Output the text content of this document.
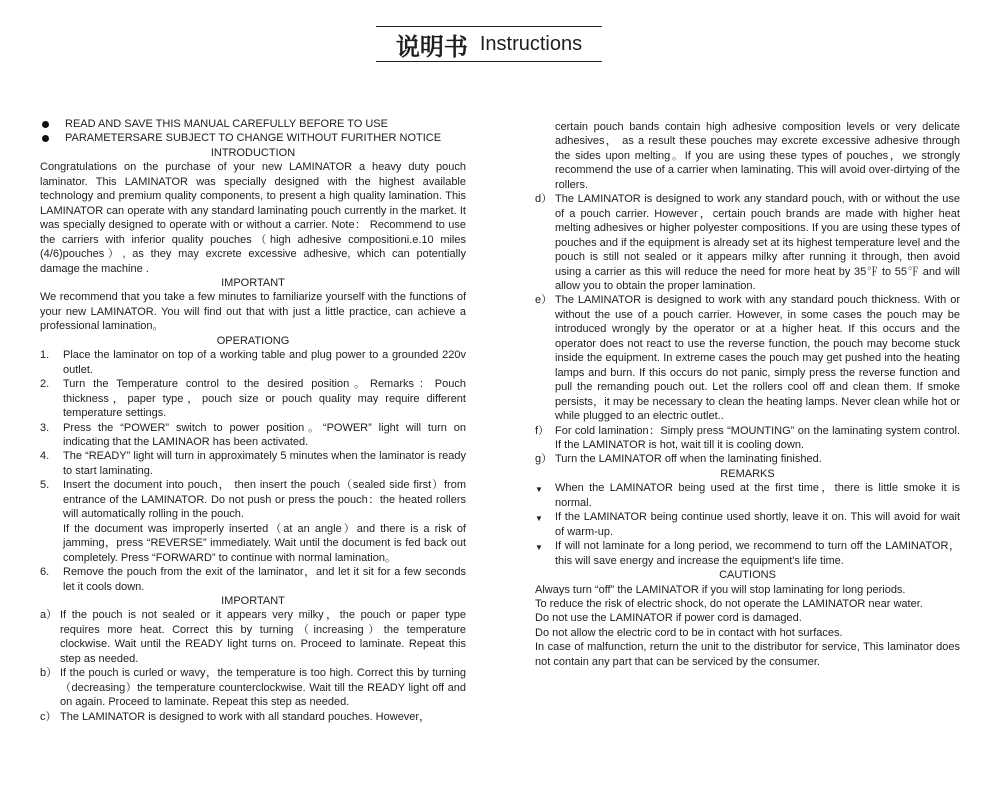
说明书 Instructions
READ AND SAVE THIS MANUAL CAREFULLY BEFORE TO USE
PARAMETERSARE SUBJECT TO CHANGE WITHOUT FURITHER NOTICE

INTRODUCTION

Congratulations on the purchase of your new LAMINATOR a heavy duty pouch laminator. This LAMINATOR was specially designed with the highest available technology and premium quality components, to present a high quality lamination. This LAMINATOR can operate with any standard laminating pouch currently in the market. It was specially designed to operate with or without a carrier. Note： Recommend to use the carriers with inferior quality pouches（high adhesive compositioni.e.10 miles (4/6)pouches）, as they may excrete excessive adhesive, which can potentially damage the machine .

IMPORTANT

We recommend that you take a few minutes to familiarize yourself with the functions of your new LAMINATOR. You will find out that with just a little practice, can achieve a professional lamination。

OPERATIONG

1.	Place the laminator on top of a working table and plug power to a grounded 220v outlet.
2.	Turn the Temperature control to the desired position。Remarks：Pouch thickness，paper type，pouch size or pouch quality may require different temperature settings.
3.	Press the “POWER” switch to power position。“POWER” light will turn on indicating that the LAMINAOR has been activated.
4.	The “READY” light will turn in approximately 5 minutes when the laminator is ready to start laminating.
5.	Insert the document into pouch， then insert the pouch（sealed side first）from entrance of the LAMINATOR. Do not push or press the pouch：the heated rollers will automatically rolling in the pouch.

If the document was improperly inserted（at an angle）and there is a risk of jamming，press “REVERSE” immediately. Wait until the document is fed back out completely. Press “FORWARD” to continue with normal lamination。

6.	Remove the pouch from the exit of the laminator，and let it sit for a few seconds let it cools down.

IMPORTANT

a） If the pouch is not sealed or it appears very milky，the pouch or paper type requires more heat. Correct this by turning（increasing）the temperature clockwise. Wait until the READY light turns on. Proceed to laminate. Repeat this step as needed.
b） If the pouch is curled or wavy，the temperature is too high. Correct this by turning（decreasing）the temperature counterclockwise. Wait till the READY light off and on again. Proceed to laminate. Repeat this step as needed.
c） The LAMINATOR is designed to work with all standard pouches. However，

certain pouch bands contain high adhesive composition levels or very delicate adhesives， as a result these pouches may excrete excessive adhesive through the sides upon melting。If you are using these types of pouches，we strongly recommend the use of a carrier when laminating. This will avoid over-dirtying of the rollers.

d） The LAMINATOR is designed to work any standard pouch, with or without the use of a pouch carrier. However，certain pouch brands are made with higher heat melting adhesives or higher polyester compositions. If you are using these types of pouches and if the equipment is already set at its highest temperature level and the pouch is still not sealed or it appears milky after running it through, then avoid using a carrier as this will reduce the need for more heat by 35℉ to 55℉ and will allow you to obtain the proper lamination.
e） The LAMINATOR is designed to work with any standard pouch thickness. With or without the use of a pouch carrier. However, in some cases the pouch may be introduced wrongly by the operator or at a higher heat. If this occurs and the operator does not react to use the reverse function, the pouch may become stuck inside the equipment. In extreme cases the pouch may get pushed into the heating lamps and burn. If this occurs do not panic, simply press the reverse function and pull the remanding pouch out. Let the rollers cool off and clean them. If smoke persists，it may be necessary to clean the heating lamps. Never clean while hot or while plugged to an electric outlet..
f） For cold lamination：Simply press “MOUNTING” on the laminating system control. If the LAMINATOR is hot, wait till it is cooling down.
g） Turn the LAMINATOR off when the laminating finished.

REMARKS

▼	When the LAMINATOR being used at the first time，there is little smoke it is normal.
▼	If the LAMINATOR being continue used shortly, leave it on. This will avoid for wait of warm-up.
▼	If will not laminate for a long period, we recommend to turn off the LAMINATOR，this will save energy and increase the equipment's life time.

CAUTIONS

Always turn “off” the LAMINATOR if you will stop laminating for long periods.

To reduce the risk of electric shock, do not operate the LAMINATOR near water.

Do not use the LAMINATOR if power cord is damaged.

Do not allow the electric cord to be in contact with hot surfaces.

In case of malfunction, return the unit to the distributor for service, This laminator does not contain any part that can be serviced by the consumer.
